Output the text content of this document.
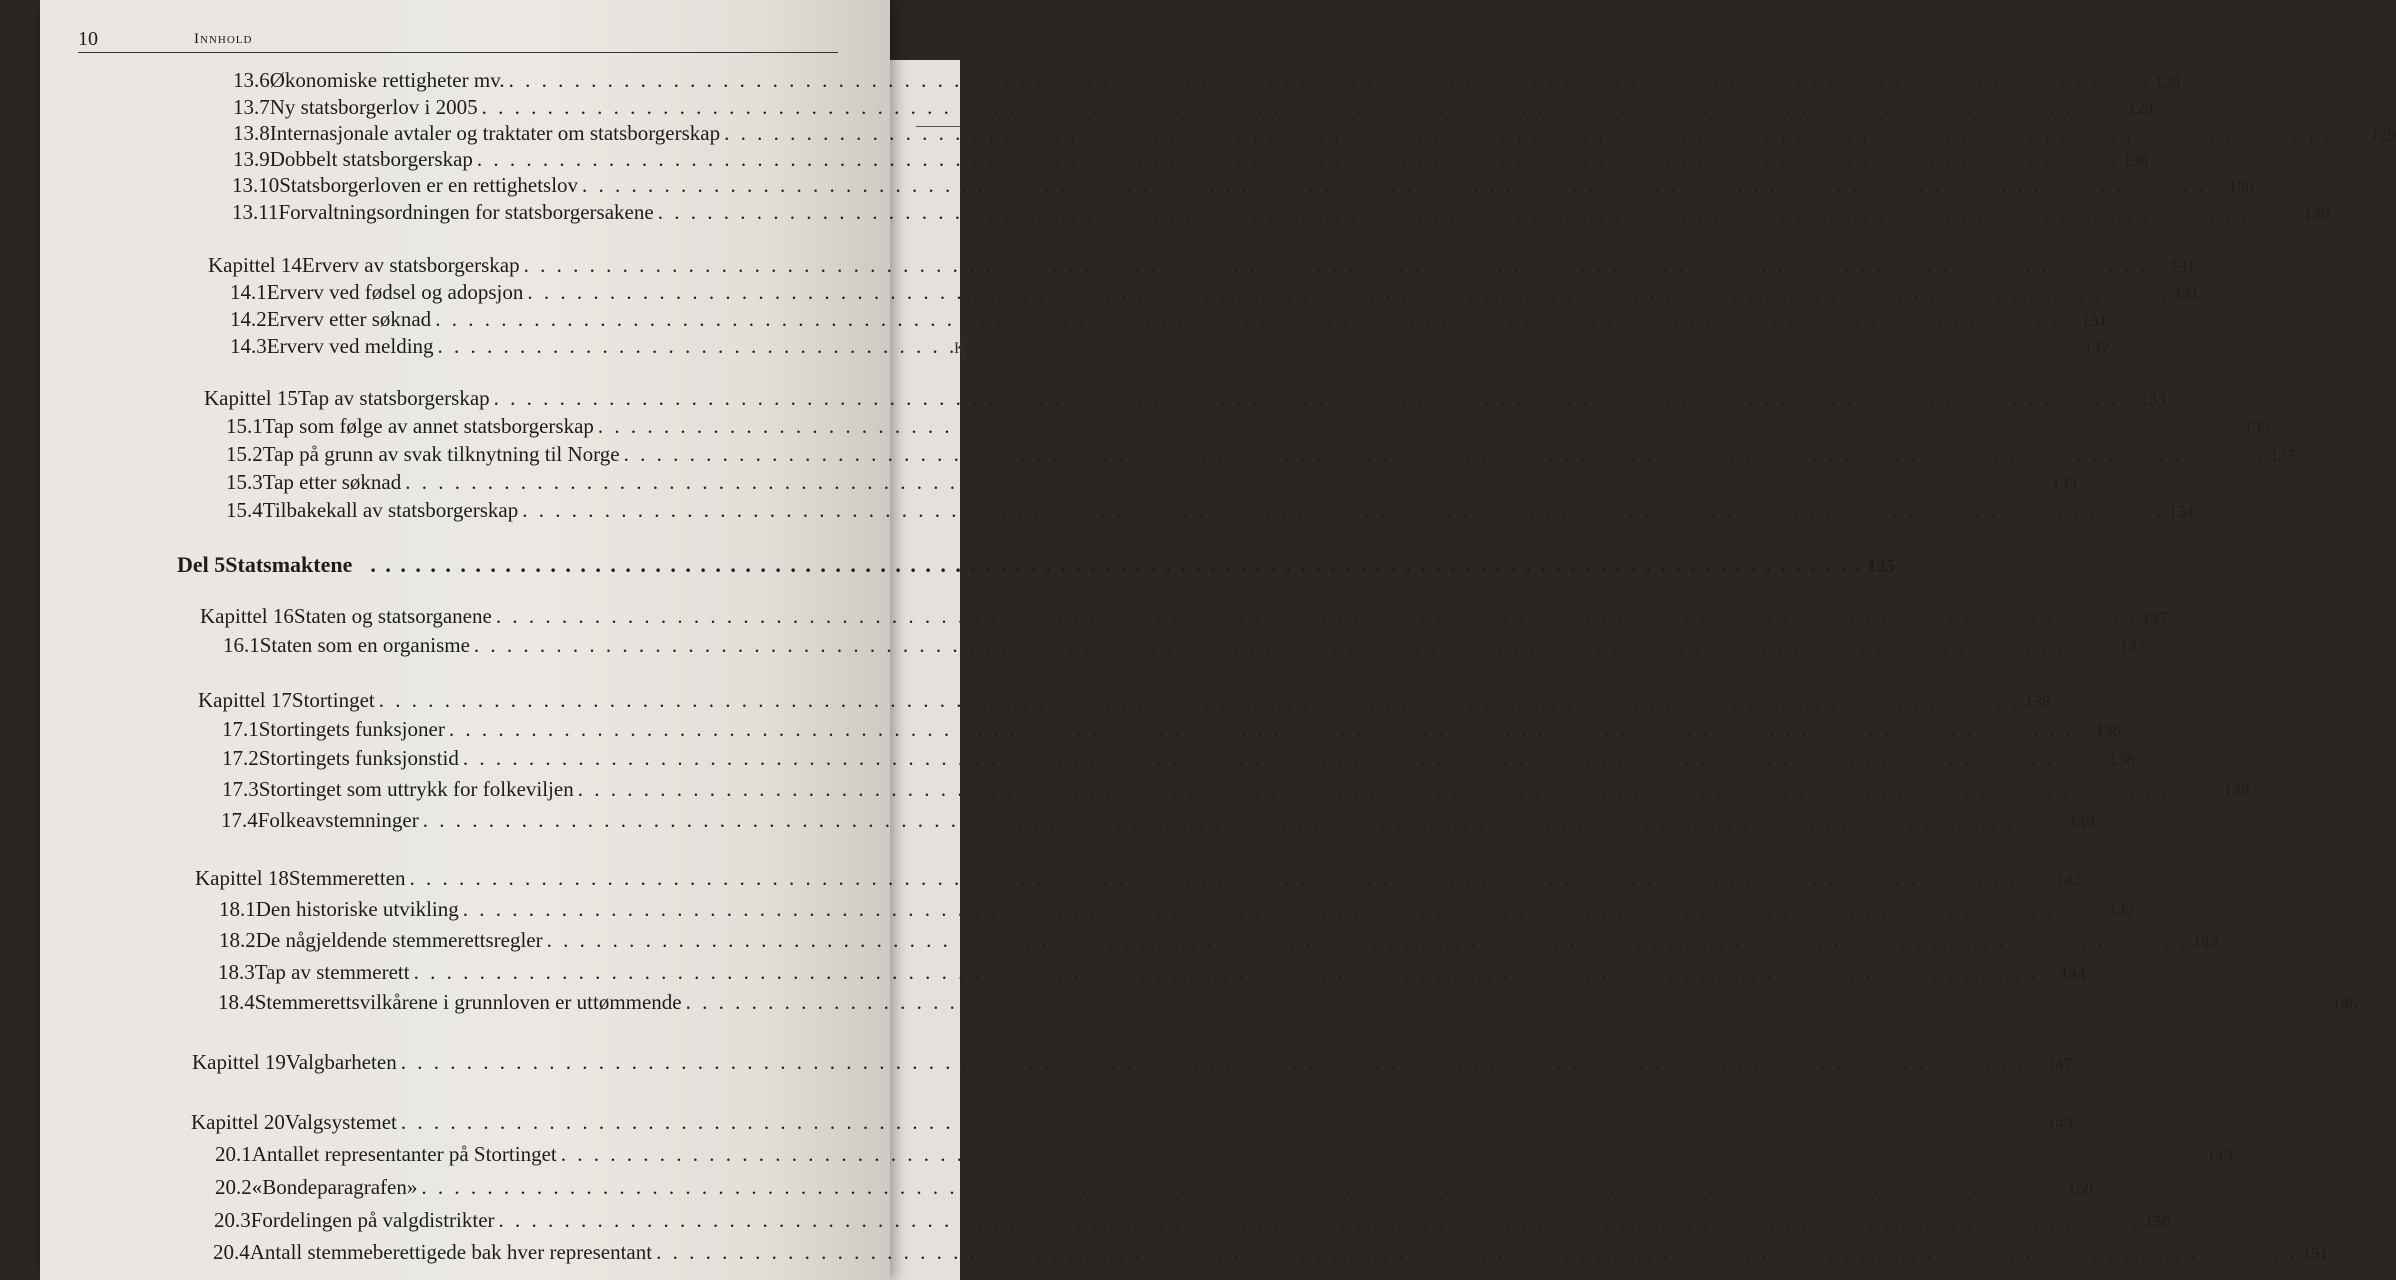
K
10	Innhold
13.6 Økonomiske rettigheter mv. . . .	128
13.7 Ny statsborgerlov i 2005 . . .	129
13.8 Internasjonale avtaler og traktater om statsborgerskap . . .	129
13.9 Dobbelt statsborgerskap . . .	130
13.10 Statsborgerloven er en rettighetslov . . .	130
13.11 Forvaltningsordningen for statsborgersakene . . .	130
Kapittel 14 Erverv av statsborgerskap . . .	131
14.1 Erverv ved fødsel og adopsjon . . .	131
14.2 Erverv etter søknad . . .	131
14.3 Erverv ved melding . . .	132
Kapittel 15 Tap av statsborgerskap . . .	133
15.1 Tap som følge av annet statsborgerskap . . .	133
15.2 Tap på grunn av svak tilknytning til Norge . . .	133
15.3 Tap etter søknad . . .	133
15.4 Tilbakekall av statsborgerskap . . .	134
Del 5 Statsmaktene . . .	135
Kapittel 16 Staten og statsorganene . . .	137
16.1 Staten som en organisme . . .	137
Kapittel 17 Stortinget . . .	138
17.1 Stortingets funksjoner . . .	138
17.2 Stortingets funksjonstid . . .	138
17.3 Stortinget som uttrykk for folkeviljen . . .	139
17.4 Folkeavstemninger . . .	140
Kapittel 18 Stemmeretten . . .	142
18.1 Den historiske utvikling . . .	142
18.2 De någjeldende stemmerettsregler . . .	143
18.3 Tap av stemmerett . . .	144
18.4 Stemmerettsvilkårene i grunnloven er uttømmende . . .	146
Kapittel 19 Valgbarheten . . .	147
Kapittel 20 Valgsystemet . . .	149
20.1 Antallet representanter på Stortinget . . .	149
20.2 «Bondeparagrafen» . . .	150
20.3 Fordelingen på valgdistrikter . . .	150
20.4 Antall stemmeberettigede bak hver representant . . .	151
